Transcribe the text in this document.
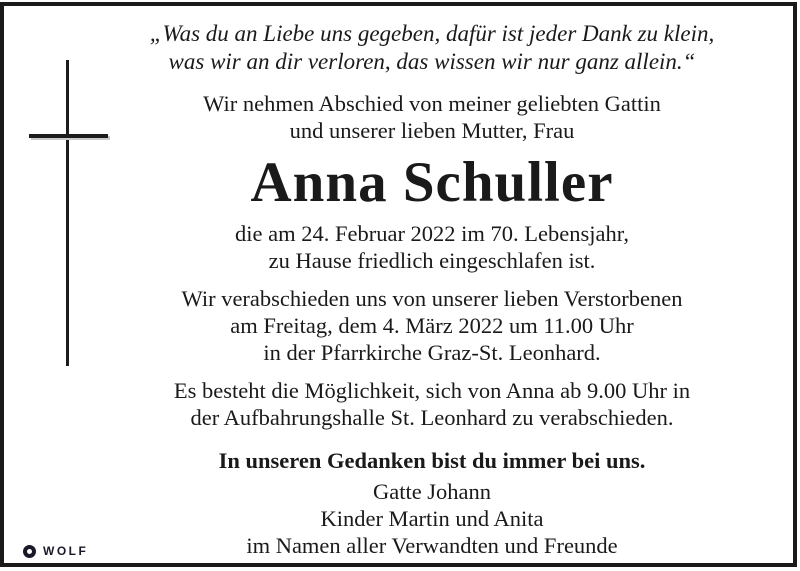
„Was du an Liebe uns gegeben, dafür ist jeder Dank zu klein,
was wir an dir verloren, das wissen wir nur ganz allein.“
Wir nehmen Abschied von meiner geliebten Gattin
und unserer lieben Mutter, Frau
Anna Schuller
die am 24. Februar 2022 im 70. Lebensjahr,
zu Hause friedlich eingeschlafen ist.
Wir verabschieden uns von unserer lieben Verstorbenen
am Freitag, dem 4. März 2022 um 11.00 Uhr
in der Pfarrkirche Graz-St. Leonhard.
Es besteht die Möglichkeit, sich von Anna ab 9.00 Uhr in
der Aufbahrungshalle St. Leonhard zu verabschieden.
In unseren Gedanken bist du immer bei uns.
Gatte Johann
Kinder Martin und Anita
im Namen aller Verwandten und Freunde
WOLF
